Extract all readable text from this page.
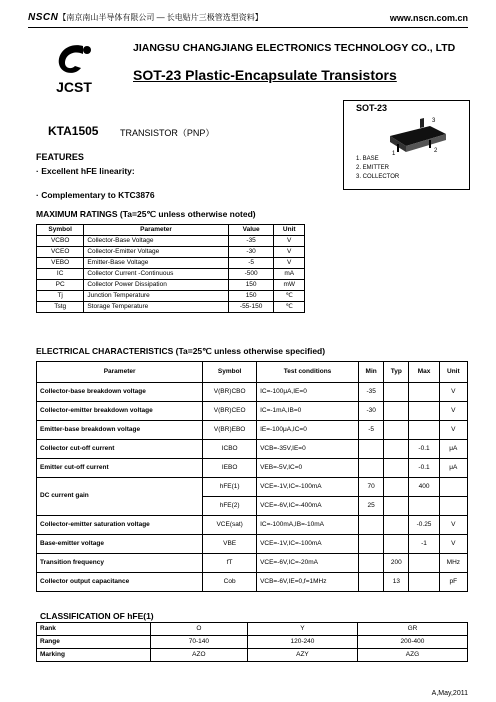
NSCN【南京南山半导体有限公司 — 长电贴片三极管选型资料】	www.nscn.com.cn
JCST
JIANGSU CHANGJIANG ELECTRONICS TECHNOLOGY CO., LTD
SOT-23 Plastic-Encapsulate Transistors
KTA1505 TRANSISTOR（PNP）
SOT-23
3
1	2
1. BASE
2. EMITTER
3. COLLECTOR
FEATURES
· Excellent hFE linearity:
· Complementary to KTC3876
MAXIMUM RATINGS (Ta=25℃ unless otherwise noted)
Symbol	Parameter	Value	Unit
VCBO	Collector-Base Voltage	-35	V
VCEO	Collector-Emitter Voltage	-30	V
VEBO	Emitter-Base Voltage	-5	V
IC	Collector Current -Continuous	-500	mA
PC	Collector Power Dissipation	150	mW
Tj	Junction Temperature	150	℃
Tstg	Storage Temperature	-55-150	℃
ELECTRICAL CHARACTERISTICS (Ta=25℃ unless otherwise specified)
Parameter	Symbol	Test conditions	Min	Typ	Max	Unit
Collector-base breakdown voltage	V(BR)CBO	IC=-100μA,IE=0	-35			V
Collector-emitter breakdown voltage	V(BR)CEO	IC=-1mA,IB=0	-30			V
Emitter-base breakdown voltage	V(BR)EBO	IE=-100μA,IC=0	-5			V
Collector cut-off current	ICBO	VCB=-35V,IE=0			-0.1	μA
Emitter cut-off current	IEBO	VEB=-5V,IC=0			-0.1	μA
DC current gain	hFE(1)	VCE=-1V,IC=-100mA	70		400	
	hFE(2)	VCE=-6V,IC=-400mA	25			
Collector-emitter saturation voltage	VCE(sat)	IC=-100mA,IB=-10mA			-0.25	V
Base-emitter voltage	VBE	VCE=-1V,IC=-100mA			-1	V
Transition frequency	fT	VCE=-6V,IC=-20mA		200		MHz
Collector output capacitance	Cob	VCB=-6V,IE=0,f=1MHz		13		pF
CLASSIFICATION OF hFE(1)
Rank	O	Y	GR
Range	70-140	120-240	200-400
Marking	AZO	AZY	AZG
A,May,2011
